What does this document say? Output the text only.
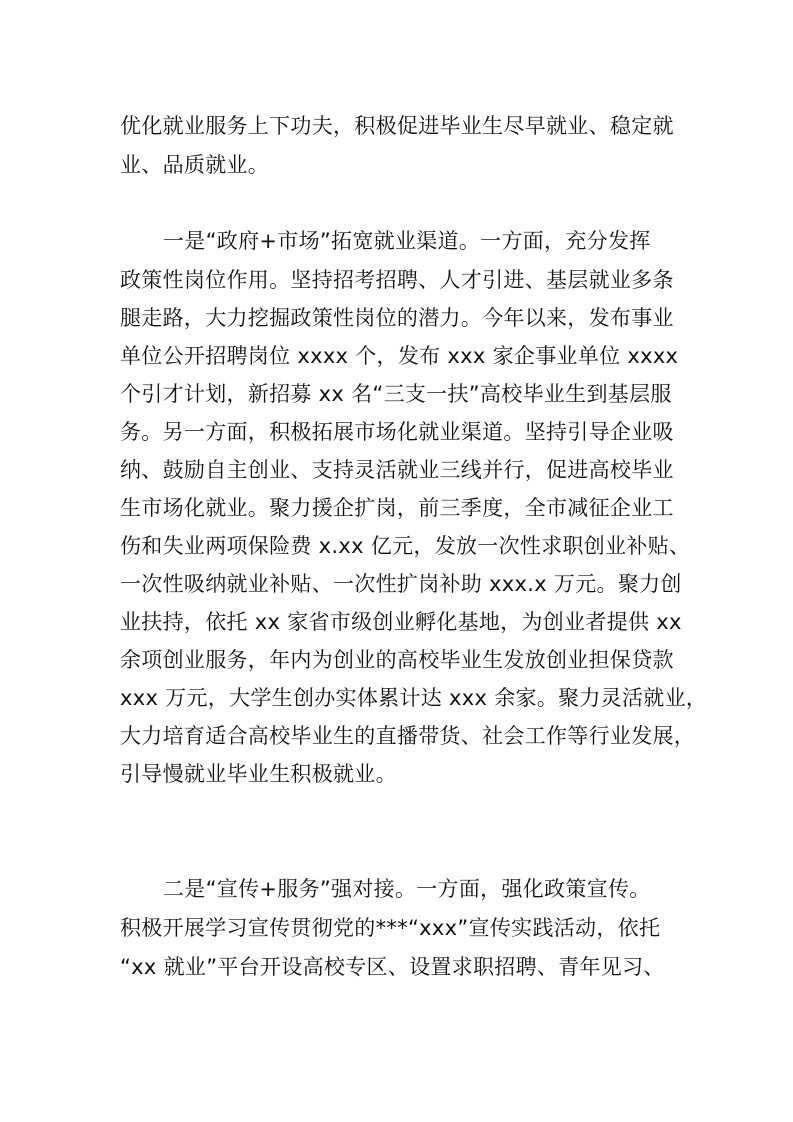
优化就业服务上下功夫，积极促进毕业生尽早就业、稳定就
业、品质就业。
一是“政府+市场”拓宽就业渠道。一方面，充分发挥
政策性岗位作用。坚持招考招聘、人才引进、基层就业多条
腿走路，大力挖掘政策性岗位的潜力。今年以来，发布事业
单位公开招聘岗位 xxxx 个，发布 xxx 家企事业单位 xxxx
个引才计划，新招募 xx 名“三支一扶”高校毕业生到基层服
务。另一方面，积极拓展市场化就业渠道。坚持引导企业吸
纳、鼓励自主创业、支持灵活就业三线并行，促进高校毕业
生市场化就业。聚力援企扩岗，前三季度，全市减征企业工
伤和失业两项保险费 x.xx 亿元，发放一次性求职创业补贴、
一次性吸纳就业补贴、一次性扩岗补助 xxx.x 万元。聚力创
业扶持，依托 xx 家省市级创业孵化基地，为创业者提供 xx
余项创业服务，年内为创业的高校毕业生发放创业担保贷款
xxx 万元，大学生创办实体累计达 xxx 余家。聚力灵活就业，
大力培育适合高校毕业生的直播带货、社会工作等行业发展，
引导慢就业毕业生积极就业。
二是“宣传+服务”强对接。一方面，强化政策宣传。
积极开展学习宣传贯彻党的***“xxx”宣传实践活动，依托
“xx 就业”平台开设高校专区、设置求职招聘、青年见习、
